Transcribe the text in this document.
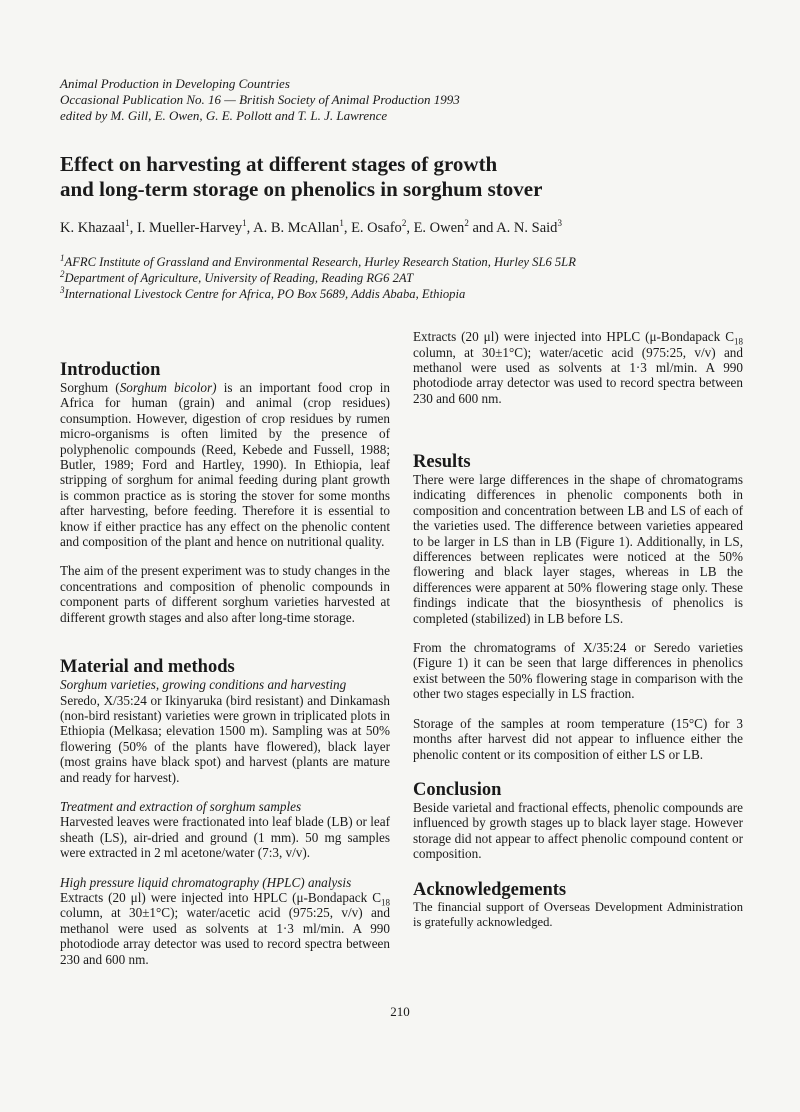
Animal Production in Developing Countries
Occasional Publication No. 16 — British Society of Animal Production 1993
edited by M. Gill, E. Owen, G. E. Pollott and T. L. J. Lawrence
Effect on harvesting at different stages of growth
and long-term storage on phenolics in sorghum stover
K. Khazaal$^1$, I. Mueller-Harvey$^1$, A. B. McAllan$^1$, E. Osafo$^2$, E. Owen$^2$ and A. N. Said$^3$
$^1$AFRC Institute of Grassland and Environmental Research, Hurley Research Station, Hurley SL6 5LR
$^2$Department of Agriculture, University of Reading, Reading RG6 2AT
$^3$International Livestock Centre for Africa, PO Box 5689, Addis Ababa, Ethiopia
Introduction

Sorghum (Sorghum bicolor) is an important food crop in Africa for human (grain) and animal (crop residues) consumption. However, digestion of crop residues by rumen micro-organisms is often limited by the presence of polyphenolic compounds (Reed, Kebede and Fussell, 1988; Butler, 1989; Ford and Hartley, 1990). In Ethiopia, leaf stripping of sorghum for animal feeding during plant growth is common practice as is storing the stover for some months after harvesting, before feeding. Therefore it is essential to know if either practice has any effect on the phenolic content and composition of the plant and hence on nutritional quality.

The aim of the present experiment was to study changes in the concentrations and composition of phenolic compounds in component parts of different sorghum varieties harvested at different growth stages and also after long-time storage.

Material and methods
Sorghum varieties, growing conditions and harvesting

Seredo, X/35:24 or Ikinyaruka (bird resistant) and Dinkamash (non-bird resistant) varieties were grown in triplicated plots in Ethiopia (Melkasa; elevation 1500 m). Sampling was at 50% flowering (50% of the plants have flowered), black layer (most grains have black spot) and harvest (plants are mature and ready for harvest).

Treatment and extraction of sorghum samples

Harvested leaves were fractionated into leaf blade (LB) or leaf sheath (LS), air-dried and ground (1 mm). 50 mg samples were extracted in 2 ml acetone/water (7:3, v/v).

High pressure liquid chromatography (HPLC) analysis

Extracts (20 μl) were injected into HPLC (μ-Bondapack $C_{18}$ column, at 30±1°C); water/acetic acid (975:25, v/v) and methanol were used as solvents at 1·3 ml/min. A 990 photodiode array detector was used to record spectra between 230 and 600 nm.

Extracts (20 μl) were injected into HPLC (μ-Bondapack $C_{18}$ column, at 30±1°C); water/acetic acid (975:25, v/v) and methanol were used as solvents at 1·3 ml/min. A 990 photodiode array detector was used to record spectra between 230 and 600 nm.

Results

There were large differences in the shape of chromatograms indicating differences in phenolic components both in composition and concentration between LB and LS of each of the varieties used. The difference between varieties appeared to be larger in LS than in LB (Figure 1). Additionally, in LS, differences between replicates were noticed at the 50% flowering and black layer stages, whereas in LB the differences were apparent at 50% flowering stage only. These findings indicate that the biosynthesis of phenolics is completed (stabilized) in LB before LS.

From the chromatograms of X/35:24 or Seredo varieties (Figure 1) it can be seen that large differences in phenolics exist between the 50% flowering stage in comparison with the other two stages especially in LS fraction.

Storage of the samples at room temperature (15°C) for 3 months after harvest did not appear to influence either the phenolic content or its composition of either LS or LB.

Conclusion

Beside varietal and fractional effects, phenolic compounds are influenced by growth stages up to black layer stage. However storage did not appear to affect phenolic compound content or composition.

Acknowledgements

The financial support of Overseas Development Administration is gratefully acknowledged.

210
